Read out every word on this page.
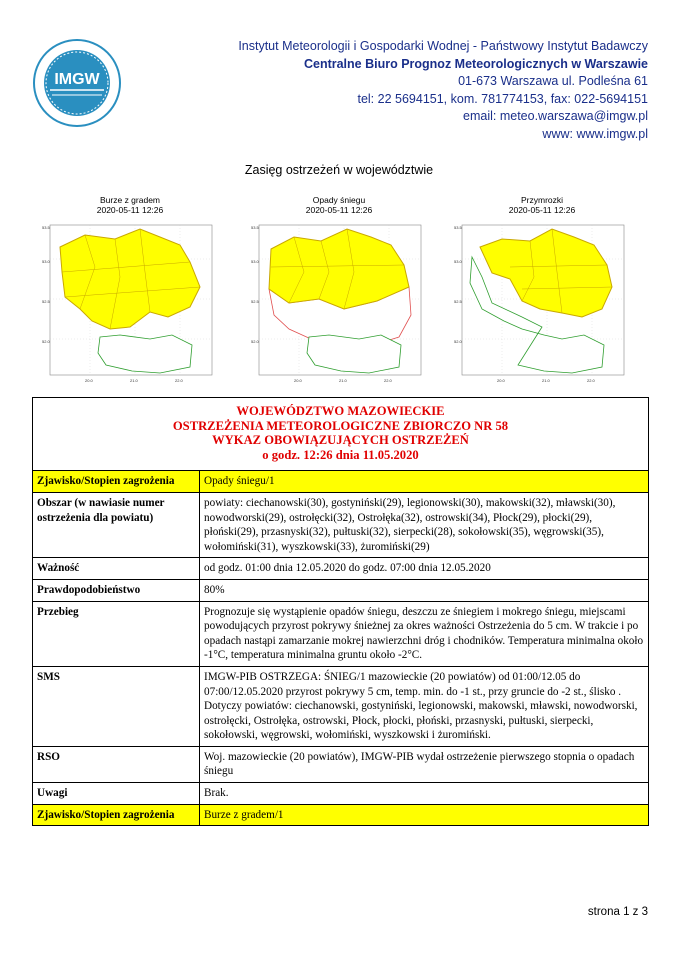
IMGW
Instytut Meteorologii i Gospodarki Wodnej - Państwowy Instytut Badawczy
Centralne Biuro Prognoz Meteorologicznych w Warszawie
01-673 Warszawa ul. Podleśna 61
tel: 22 5694151, kom. 781774153, fax: 022-5694151
email: meteo.warszawa@imgw.pl
www: www.imgw.pl
Zasięg ostrzeżeń w województwie
Burze z gradem
2020-05-11 12:26
53.5
53.0
52.5
52.0
20.0	21.0	22.0
Opady śniegu
2020-05-11 12:26
53.5
53.0
52.5
52.0
20.0	21.0	22.0
Przymrozki
2020-05-11 12:26
53.5
53.0
52.5
52.0
20.0	21.0	22.0
WOJEWÓDZTWO MAZOWIECKIE
OSTRZEŻENIA METEOROLOGICZNE ZBIORCZO NR 58
WYKAZ OBOWIĄZUJĄCYCH OSTRZEŻEŃ
o godz. 12:26 dnia 11.05.2020	

Zjawisko/Stopien zagrożenia	Opady śniegu/1
Obszar (w nawiasie numer ostrzeżenia dla powiatu)	powiaty: ciechanowski(30), gostyniński(29), legionowski(30), makowski(32), mławski(30), nowodworski(29), ostrołęcki(32), Ostrołęka(32), ostrowski(34), Płock(29), płocki(29), płoński(29), przasnyski(32), pułtuski(32), sierpecki(28), sokołowski(35), węgrowski(35), wołomiński(31), wyszkowski(33), żuromiński(29)
Ważność	od godz. 01:00 dnia 12.05.2020 do godz. 07:00 dnia 12.05.2020
Prawdopodobieństwo	80%
Przebieg	Prognozuje się wystąpienie opadów śniegu, deszczu ze śniegiem i mokrego śniegu, miejscami powodujących przyrost pokrywy śnieżnej za okres ważności Ostrzeżenia do 5 cm. W trakcie i po opadach nastąpi zamarzanie mokrej nawierzchni dróg i chodników. Temperatura minimalna około -1°C, temperatura minimalna gruntu około -2°C.
SMS	IMGW-PIB OSTRZEGA: ŚNIEG/1 mazowieckie (20 powiatów) od 01:00/12.05 do 07:00/12.05.2020 przyrost pokrywy 5 cm, temp. min. do -1 st., przy gruncie do -2 st., ślisko . Dotyczy powiatów: ciechanowski, gostyniński, legionowski, makowski, mławski, nowodworski, ostrołęcki, Ostrołęka, ostrowski, Płock, płocki, płoński, przasnyski, pułtuski, sierpecki, sokołowski, węgrowski, wołomiński, wyszkowski i żuromiński.
RSO	Woj. mazowieckie (20 powiatów), IMGW-PIB wydał ostrzeżenie pierwszego stopnia o opadach śniegu
Uwagi	Brak.
Zjawisko/Stopien zagrożenia	Burze z gradem/1
strona 1 z 3
